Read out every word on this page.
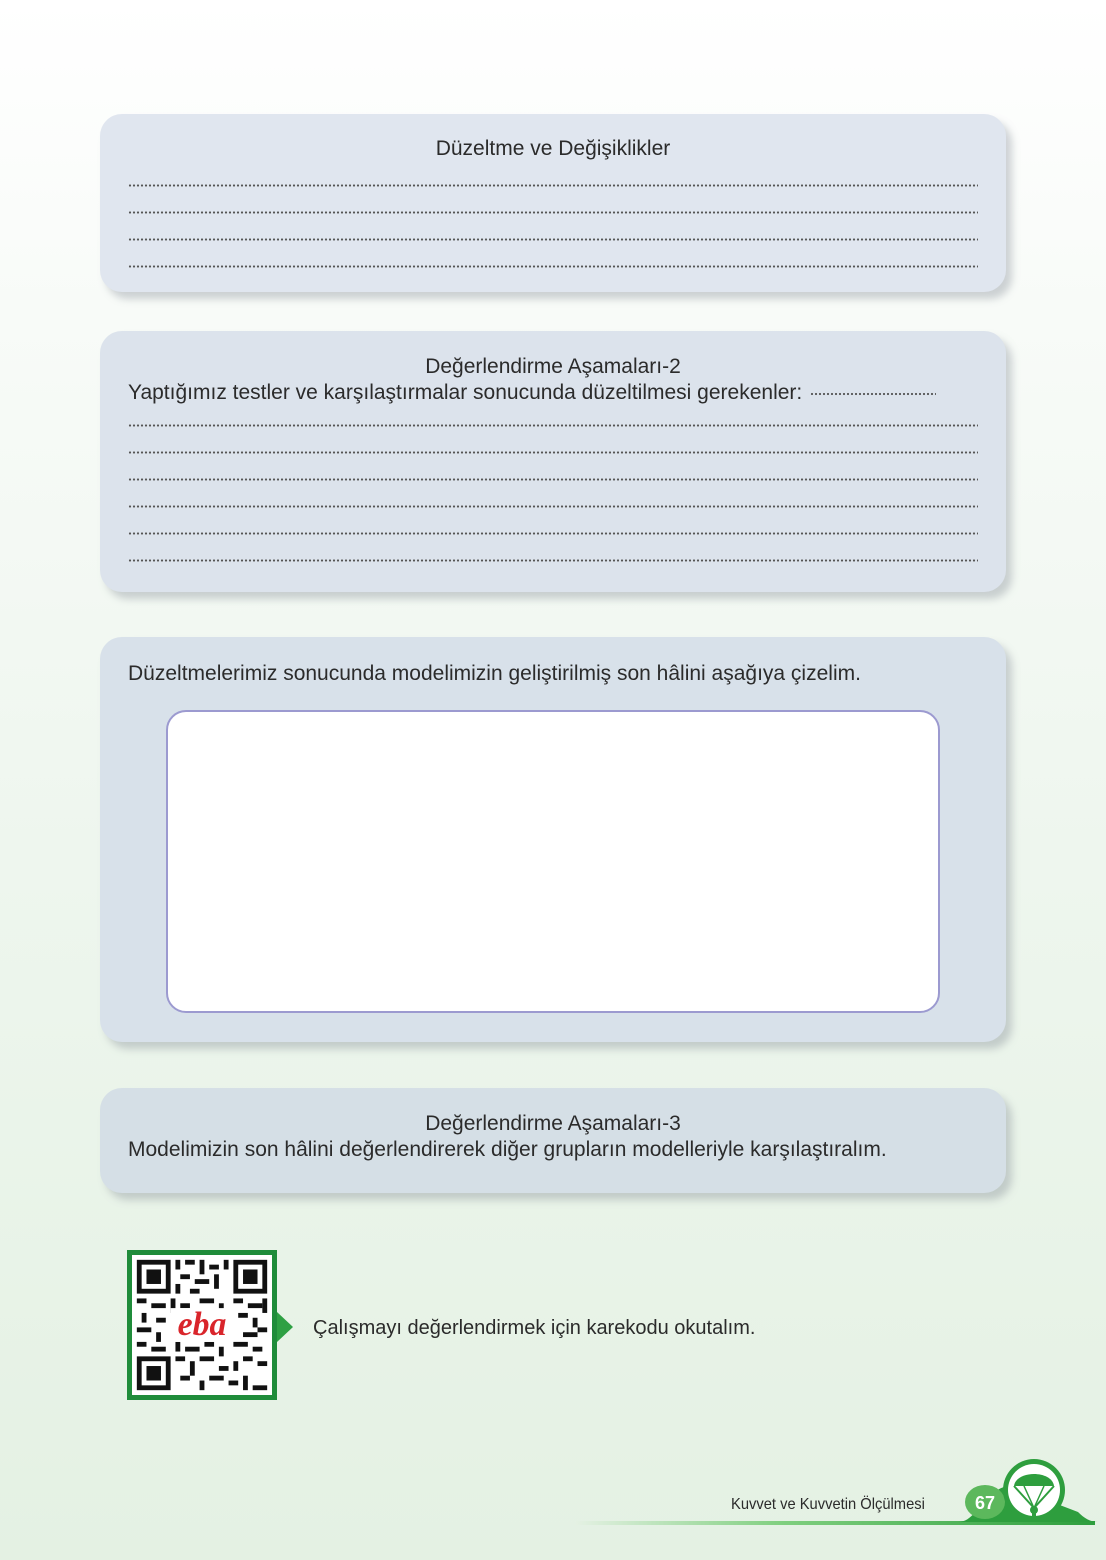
Düzeltme ve Değişiklikler
Değerlendirme Aşamaları-2
Yaptığımız testler ve karşılaştırmalar sonucunda düzeltilmesi gerekenler:
Düzeltmelerimiz sonucunda modelimizin geliştirilmiş son hâlini aşağıya çizelim.
Değerlendirme Aşamaları-3
Modelimizin son hâlini değerlendirerek diğer grupların modelleriyle karşılaştıralım.
eba	Çalışmayı değerlendirmek için karekodu okutalım.
Kuvvet ve Kuvvetin Ölçülmesi	67
